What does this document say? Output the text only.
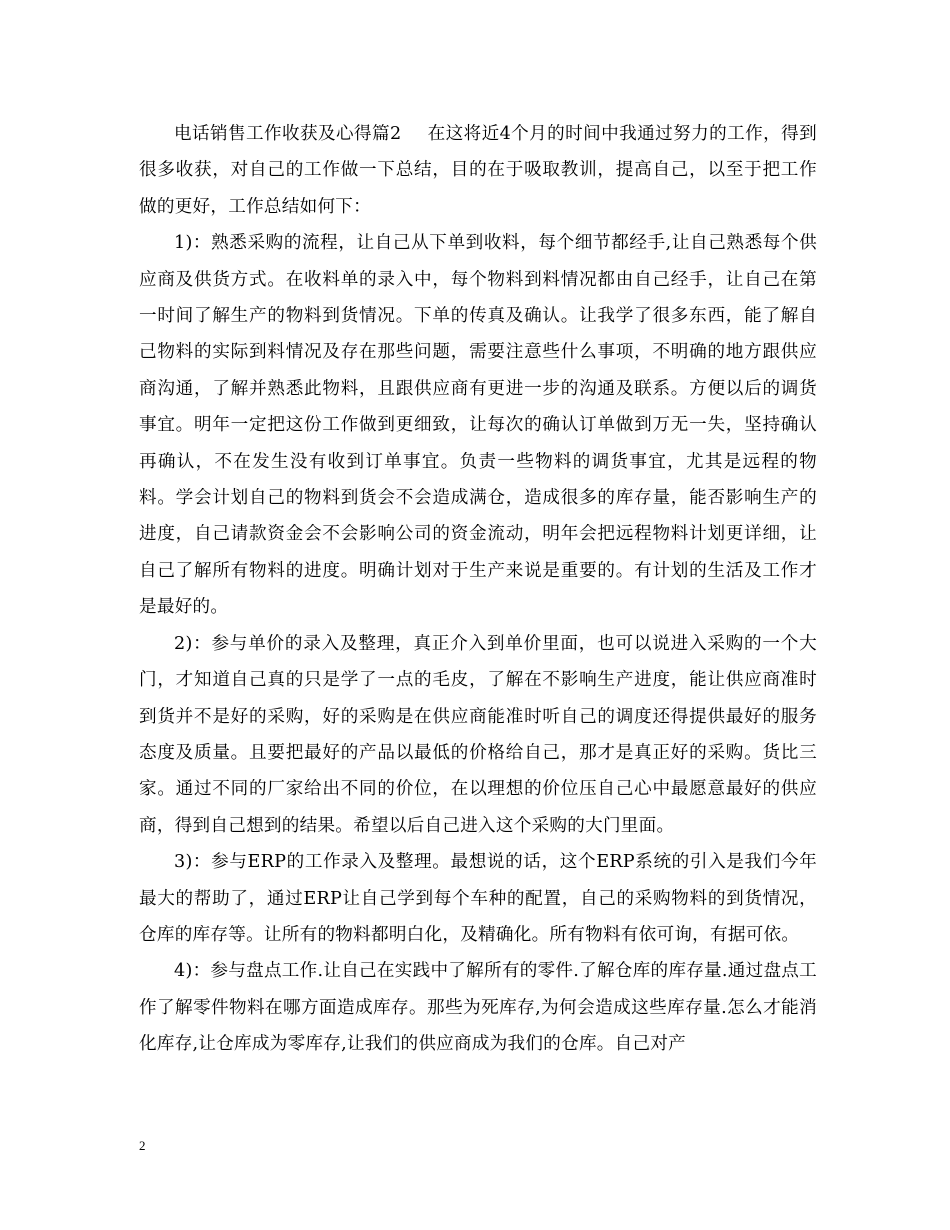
电话销售工作收获及心得篇2 在这将近4个月的时间中我通过努力的工作，得到很多收获，对自己的工作做一下总结，目的在于吸取教训，提高自己，以至于把工作做的更好，工作总结如何下：

1)：熟悉采购的流程，让自己从下单到收料，每个细节都经手,让自己熟悉每个供应商及供货方式。在收料单的录入中，每个物料到料情况都由自己经手，让自己在第一时间了解生产的物料到货情况。下单的传真及确认。让我学了很多东西，能了解自己物料的实际到料情况及存在那些问题，需要注意些什么事项，不明确的地方跟供应商沟通，了解并熟悉此物料，且跟供应商有更进一步的沟通及联系。方便以后的调货事宜。明年一定把这份工作做到更细致，让每次的确认订单做到万无一失，坚持确认再确认，不在发生没有收到订单事宜。负责一些物料的调货事宜，尤其是远程的物料。学会计划自己的物料到货会不会造成满仓，造成很多的库存量，能否影响生产的进度，自己请款资金会不会影响公司的资金流动，明年会把远程物料计划更详细，让自己了解所有物料的进度。明确计划对于生产来说是重要的。有计划的生活及工作才是最好的。

2)：参与单价的录入及整理，真正介入到单价里面，也可以说进入采购的一个大门，才知道自己真的只是学了一点的毛皮，了解在不影响生产进度，能让供应商准时到货并不是好的采购，好的采购是在供应商能准时听自己的调度还得提供最好的服务态度及质量。且要把最好的产品以最低的价格给自己，那才是真正好的采购。货比三家。通过不同的厂家给出不同的价位，在以理想的价位压自己心中最愿意最好的供应商，得到自己想到的结果。希望以后自己进入这个采购的大门里面。

3)：参与ERP的工作录入及整理。最想说的话，这个ERP系统的引入是我们今年最大的帮助了，通过ERP让自己学到每个车种的配置，自己的采购物料的到货情况，仓库的库存等。让所有的物料都明白化，及精确化。所有物料有依可询，有据可依。

4)：参与盘点工作.让自己在实践中了解所有的零件.了解仓库的库存量.通过盘点工作了解零件物料在哪方面造成库存。那些为死库存,为何会造成这些库存量.怎么才能消化库存,让仓库成为零库存,让我们的供应商成为我们的仓库。自己对产

2
